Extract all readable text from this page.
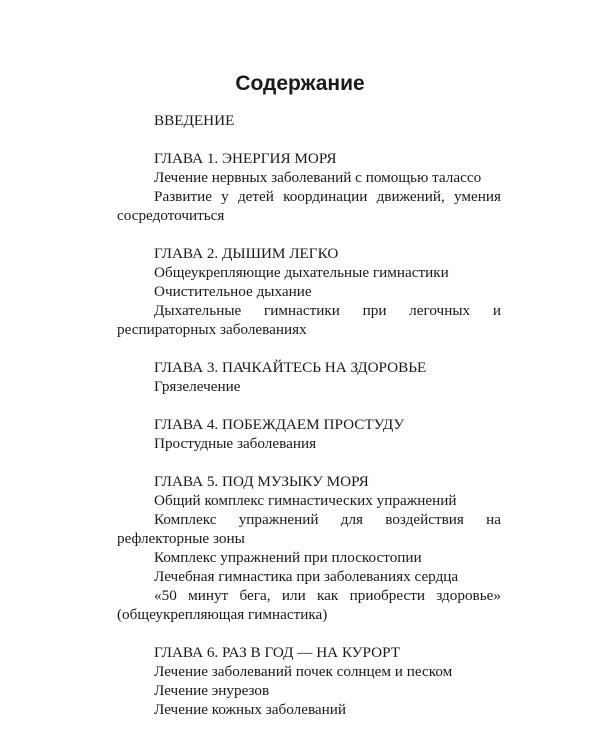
Содержание

ВВЕДЕНИЕ

ГЛАВА 1. ЭНЕРГИЯ МОРЯ

Лечение нервных заболеваний с помощью талассо

Развитие у детей координации движений, умения сосредоточиться

ГЛАВА 2. ДЫШИМ ЛЕГКО

Общеукрепляющие дыхательные гимнастики

Очистительное дыхание

Дыхательные гимнастики при легочных и респираторных заболеваниях

ГЛАВА 3. ПАЧКАЙТЕСЬ НА ЗДОРОВЬЕ

Грязелечение

ГЛАВА 4. ПОБЕЖДАЕМ ПРОСТУДУ

Простудные заболевания

ГЛАВА 5. ПОД МУЗЫКУ МОРЯ

Общий комплекс гимнастических упражнений

Комплекс упражнений для воздействия на рефлекторные зоны

Комплекс упражнений при плоскостопии

Лечебная гимнастика при заболеваниях сердца

«50 минут бега, или как приобрести здоровье» (общеукрепляющая гимнастика)

ГЛАВА 6. РАЗ В ГОД — НА КУРОРТ

Лечение заболеваний почек солнцем и песком

Лечение энурезов

Лечение кожных заболеваний
